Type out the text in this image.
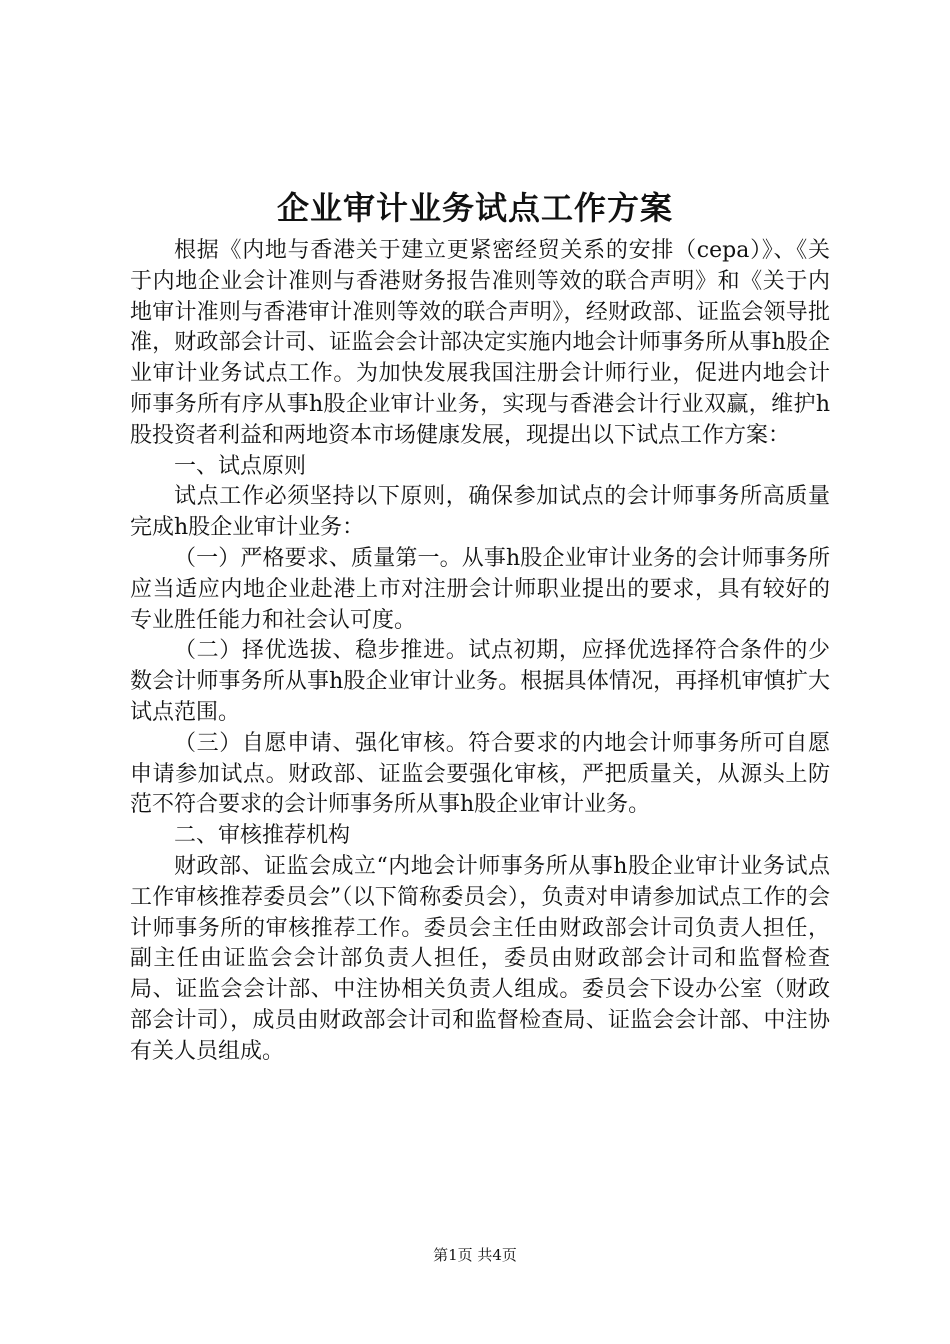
企业审计业务试点工作方案

根据《内地与香港关于建立更紧密经贸关系的安排（cepa）》、《关于内地企业会计准则与香港财务报告准则等效的联合声明》和《关于内地审计准则与香港审计准则等效的联合声明》，经财政部、证监会领导批准，财政部会计司、证监会会计部决定实施内地会计师事务所从事h股企业审计业务试点工作。为加快发展我国注册会计师行业，促进内地会计师事务所有序从事h股企业审计业务，实现与香港会计行业双赢，维护h股投资者利益和两地资本市场健康发展，现提出以下试点工作方案：

一、试点原则

试点工作必须坚持以下原则，确保参加试点的会计师事务所高质量完成h股企业审计业务：

（一）严格要求、质量第一。从事h股企业审计业务的会计师事务所应当适应内地企业赴港上市对注册会计师职业提出的要求，具有较好的专业胜任能力和社会认可度。

（二）择优选拔、稳步推进。试点初期，应择优选择符合条件的少数会计师事务所从事h股企业审计业务。根据具体情况，再择机审慎扩大试点范围。

（三）自愿申请、强化审核。符合要求的内地会计师事务所可自愿申请参加试点。财政部、证监会要强化审核，严把质量关，从源头上防范不符合要求的会计师事务所从事h股企业审计业务。

二、审核推荐机构

财政部、证监会成立“内地会计师事务所从事h股企业审计业务试点工作审核推荐委员会”（以下简称委员会），负责对申请参加试点工作的会计师事务所的审核推荐工作。委员会主任由财政部会计司负责人担任，副主任由证监会会计部负责人担任，委员由财政部会计司和监督检查局、证监会会计部、中注协相关负责人组成。委员会下设办公室（财政部会计司），成员由财政部会计司和监督检查局、证监会会计部、中注协有关人员组成。

第1页 共4页
